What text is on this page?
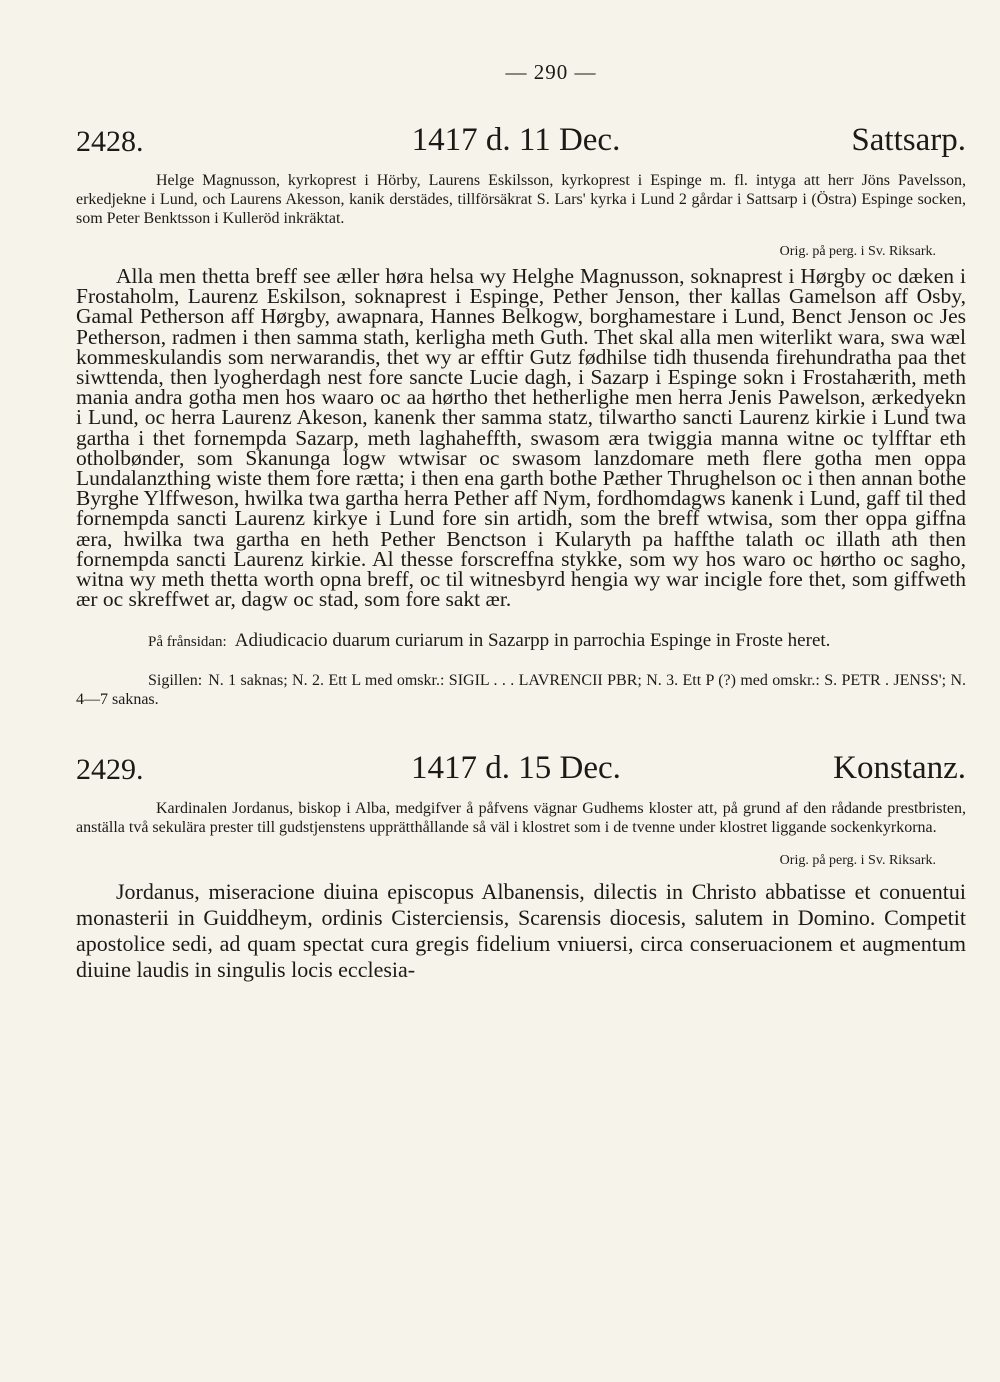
— 290 —
2428.	1417 d. 11 Dec.	Sattsarp.

Helge Magnusson, kyrkoprest i Hörby, Laurens Eskilsson, kyrkoprest i Espinge m. fl. intyga att herr Jöns Pavelsson, erkedjekne i Lund, och Laurens Akesson, kanik derstädes, tillförsäkrat S. Lars' kyrka i Lund 2 gårdar i Sattsarp i (Östra) Espinge socken, som Peter Benktsson i Kulleröd inkräktat.

Orig. på perg. i Sv. Riksark.

Alla men thetta breff see æller høra helsa wy Helghe Magnusson, soknaprest i Hørgby oc dæken i Frostaholm, Laurenz Eskilson, soknaprest i Espinge, Pether Jenson, ther kallas Gamelson aff Osby, Gamal Petherson aff Hørgby, awapnara, Hannes Belkogw, borghamestare i Lund, Benct Jenson oc Jes Petherson, radmen i then samma stath, kerligha meth Guth. Thet skal alla men witerlikt wara, swa wæl kommeskulandis som nerwarandis, thet wy ar efftir Gutz fødhilse tidh thusenda firehundratha paa thet siwttenda, then lyogherdagh nest fore sancte Lucie dagh, i Sazarp i Espinge sokn i Frostahærith, meth mania andra gotha men hos waaro oc aa hørtho thet hetherlighe men herra Jenis Pawelson, ærkedyekn i Lund, oc herra Laurenz Akeson, kanenk ther samma statz, tilwartho sancti Laurenz kirkie i Lund twa gartha i thet fornempda Sazarp, meth laghaheffth, swasom æra twiggia manna witne oc tylfftar eth otholbønder, som Skanunga logw wtwisar oc swasom lanzdomare meth flere gotha men oppa Lundalanzthing wiste them fore rætta; i then ena garth bothe Pæther Thrughelson oc i then annan bothe Byrghe Ylffweson, hwilka twa gartha herra Pether aff Nym, fordhomdagws kanenk i Lund, gaff til thed fornempda sancti Laurenz kirkye i Lund fore sin artidh, som the breff wtwisa, som ther oppa giffna æra, hwilka twa gartha en heth Pether Benctson i Kularyth pa haffthe talath oc illath ath then fornempda sancti Laurenz kirkie. Al thesse forscreffna stykke, som wy hos waro oc hørtho oc sagho, witna wy meth thetta worth opna breff, oc til witnesbyrd hengia wy war incigle fore thet, som giffweth ær oc skreffwet ar, dagw oc stad, som fore sakt ær.

På frånsidan: Adiudicacio duarum curiarum in Sazarpp in parrochia Espinge in Froste heret.

Sigillen: N. 1 saknas; N. 2. Ett L med omskr.: SIGIL . . . LAVRENCII PBR; N. 3. Ett P (?) med omskr.: S. PETR . JENSS'; N. 4—7 saknas.

2429.	1417 d. 15 Dec.	Konstanz.

Kardinalen Jordanus, biskop i Alba, medgifver å påfvens vägnar Gudhems kloster att, på grund af den rådande prestbristen, anställa två sekulära prester till gudstjenstens upprätthållande så väl i klostret som i de tvenne under klostret liggande sockenkyrkorna.

Orig. på perg. i Sv. Riksark.

Jordanus, miseracione diuina episcopus Albanensis, dilectis in Christo abbatisse et conuentui monasterii in Guiddheym, ordinis Cisterciensis, Scarensis diocesis, salutem in Domino. Competit apostolice sedi, ad quam spectat cura gregis fidelium vniuersi, circa conseruacionem et augmentum diuine laudis in singulis locis ecclesia-
